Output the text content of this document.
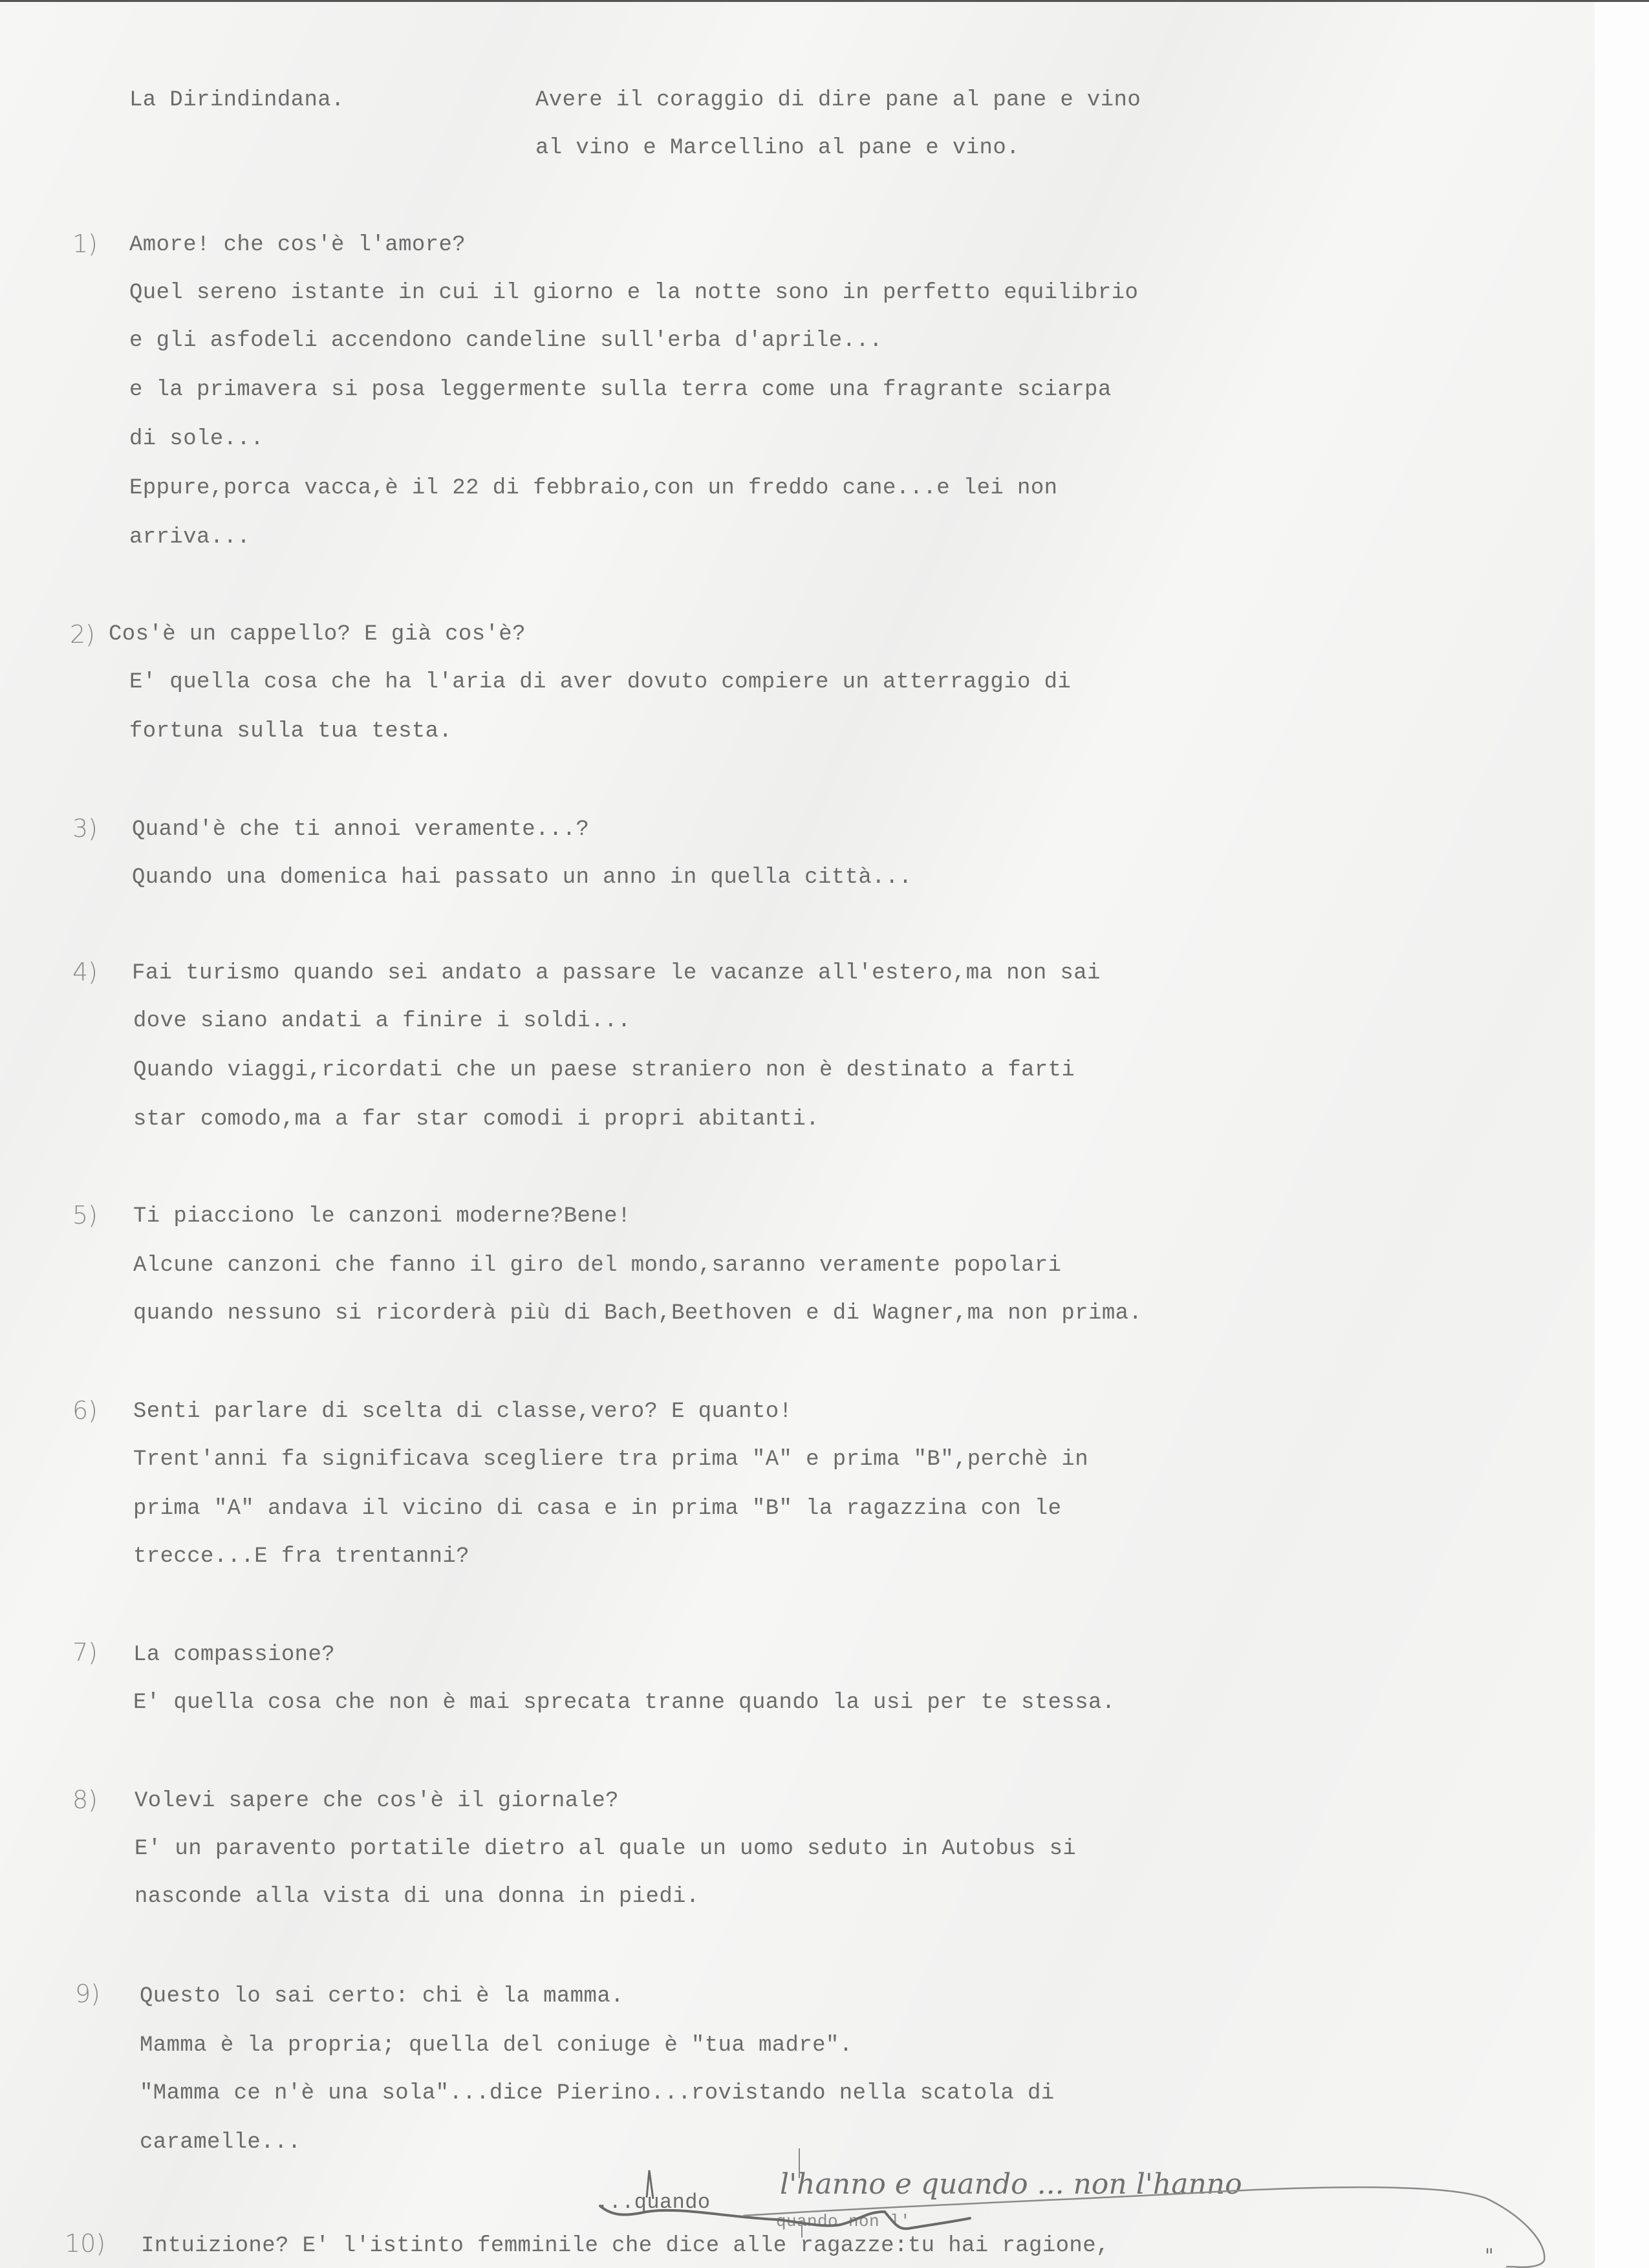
La Dirindindana.	Avere il coraggio di dire pane al pane e vino
al vino e Marcellino al pane e vino.
1) Amore! che cos'è l'amore?
Quel sereno istante in cui il giorno e la notte sono in perfetto equilibrio
e gli asfodeli accendono candeline sull'erba d'aprile...
e la primavera si posa leggermente sulla terra come una fragrante sciarpa
di sole...
Eppure,porca vacca,è il 22 di febbraio,con un freddo cane...e lei non
arriva...
2) Cos'è un cappello? E già cos'è?
E' quella cosa che ha l'aria di aver dovuto compiere un atterraggio di
fortuna sulla tua testa.
3) Quand'è che ti annoi veramente...?
Quando una domenica hai passato un anno in quella città...
4) Fai turismo quando sei andato a passare le vacanze all'estero,ma non sai
dove siano andati a finire i soldi...
Quando viaggi,ricordati che un paese straniero non è destinato a farti
star comodo,ma a far star comodi i propri abitanti.
5) Ti piacciono le canzoni moderne?Bene!
Alcune canzoni che fanno il giro del mondo,saranno veramente popolari
quando nessuno si ricorderà più di Bach,Beethoven e di Wagner,ma non prima.
6) Senti parlare di scelta di classe,vero? E quanto!
Trent'anni fa significava scegliere tra prima "A" e prima "B",perchè in
prima "A" andava il vicino di casa e in prima "B" la ragazzina con le
trecce...E fra trentanni?
7) La compassione?
E' quella cosa che non è mai sprecata tranne quando la usi per te stessa.
8) Volevi sapere che cos'è il giornale?
E' un paravento portatile dietro al quale un uomo seduto in Autobus si
nasconde alla vista di una donna in piedi.
9) Questo lo sai certo: chi è la mamma.
Mamma è la propria; quella del coniuge è "tua madre".
"Mamma ce n'è una sola"...dice Pierino...rovistando nella scatola di
caramelle...
...quando
l'hanno e quando ... non l'hanno
quando non l'
10) Intuizione? E' l'istinto femminile che dice alle ragazze:tu hai ragione,	"
